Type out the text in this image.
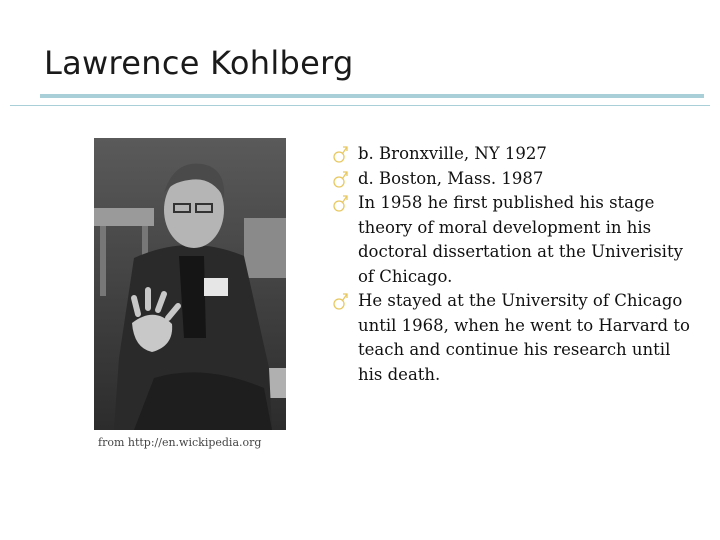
Lawrence Kohlberg
from http://en.wickipedia.org
b. Bronxville, NY 1927
d. Boston, Mass. 1987
In 1958 he first published his stage theory of moral development in his doctoral dissertation at the Univerisity of Chicago.
He stayed at the University of Chicago until 1968, when he went to Harvard to teach and continue his research until his death.
